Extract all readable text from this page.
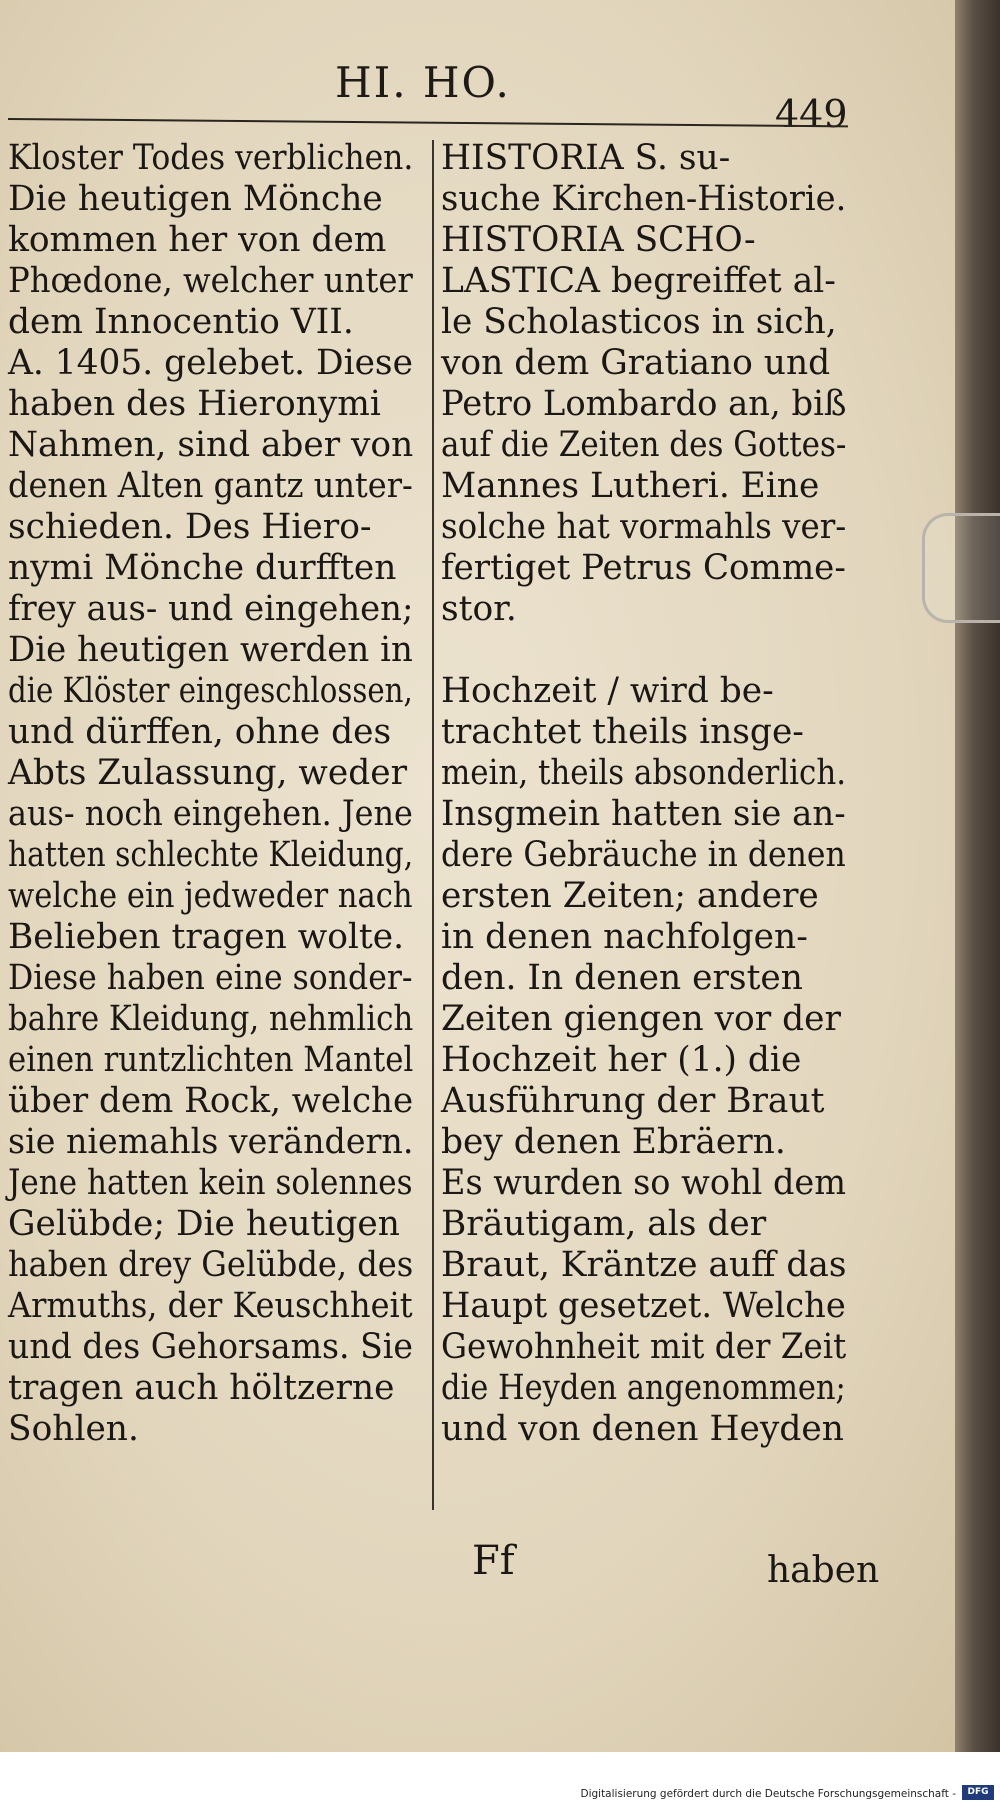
HI. HO.
449
Kloster Todes verblichen.
Die heutigen Mönche
kommen her von dem
Phœdone, welcher unter
dem Innocentio VII.
A. 1405. gelebet. Diese
haben des Hieronymi
Nahmen, sind aber von
denen Alten gantz unter-
schieden. Des Hiero-
nymi Mönche durfften
frey aus- und eingehen;
Die heutigen werden in
die Klöster eingeschlossen,
und dürffen, ohne des
Abts Zulassung, weder
aus- noch eingehen. Jene
hatten schlechte Kleidung,
welche ein jedweder nach
Belieben tragen wolte.
Diese haben eine sonder-
bahre Kleidung, nehmlich
einen runtzlichten Mantel
über dem Rock, welche
sie niemahls verändern.
Jene hatten kein solennes
Gelübde; Die heutigen
haben drey Gelübde, des
Armuths, der Keuschheit
und des Gehorsams. Sie
tragen auch höltzerne
Sohlen.
HISTORIA S. su-
suche Kirchen-Historie.
HISTORIA SCHO-
LASTICA begreiffet al-
le Scholasticos in sich,
von dem Gratiano und
Petro Lombardo an, biß
auf die Zeiten des Gottes-
Mannes Lutheri. Eine
solche hat vormahls ver-
fertiget Petrus Comme-
stor.

Hochzeit / wird be-
trachtet theils insge-
mein, theils absonderlich.
Insgmein hatten sie an-
dere Gebräuche in denen
ersten Zeiten; andere
in denen nachfolgen-
den. In denen ersten
Zeiten giengen vor der
Hochzeit her (1.) die
Ausführung der Braut
bey denen Ebräern.
Es wurden so wohl dem
Bräutigam, als der
Braut, Kräntze auff das
Haupt gesetzet. Welche
Gewohnheit mit der Zeit
die Heyden angenommen;
und von denen Heyden
Ff	haben
Digitalisierung gefördert durch die Deutsche Forschungsgemeinschaft -	DFG
